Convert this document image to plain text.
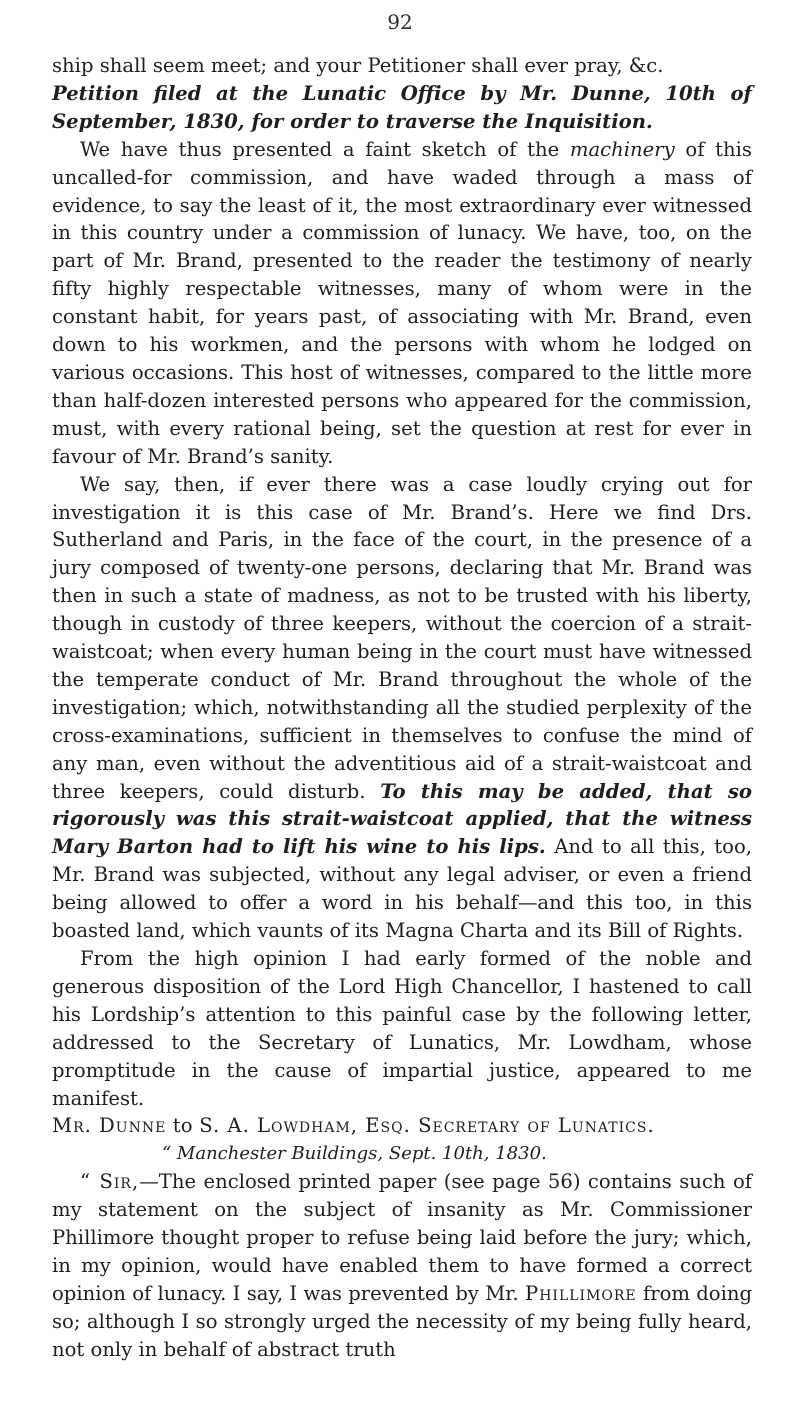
92

ship shall seem meet; and your Petitioner shall ever pray, &c.

Petition filed at the Lunatic Office by Mr. Dunne, 10th of September, 1830, for order to traverse the Inquisition.

We have thus presented a faint sketch of the machinery of this uncalled-for commission, and have waded through a mass of evidence, to say the least of it, the most extraordinary ever witnessed in this country under a commission of lunacy. We have, too, on the part of Mr. Brand, presented to the reader the testimony of nearly fifty highly respectable witnesses, many of whom were in the constant habit, for years past, of associating with Mr. Brand, even down to his workmen, and the persons with whom he lodged on various occasions. This host of witnesses, compared to the little more than half-dozen interested persons who appeared for the commission, must, with every rational being, set the question at rest for ever in favour of Mr. Brand’s sanity.

We say, then, if ever there was a case loudly crying out for investigation it is this case of Mr. Brand’s. Here we find Drs. Sutherland and Paris, in the face of the court, in the presence of a jury composed of twenty-one persons, declaring that Mr. Brand was then in such a state of madness, as not to be trusted with his liberty, though in custody of three keepers, without the coercion of a strait-waistcoat; when every human being in the court must have witnessed the temperate conduct of Mr. Brand throughout the whole of the investigation; which, notwithstanding all the studied perplexity of the cross-examinations, sufficient in themselves to confuse the mind of any man, even without the adventitious aid of a strait-waistcoat and three keepers, could disturb. To this may be added, that so rigorously was this strait-waistcoat applied, that the witness Mary Barton had to lift his wine to his lips. And to all this, too, Mr. Brand was subjected, without any legal adviser, or even a friend being allowed to offer a word in his behalf—and this too, in this boasted land, which vaunts of its Magna Charta and its Bill of Rights.

From the high opinion I had early formed of the noble and generous disposition of the Lord High Chancellor, I hastened to call his Lordship’s attention to this painful case by the following letter, addressed to the Secretary of Lunatics, Mr. Lowdham, whose promptitude in the cause of impartial justice, appeared to me manifest.

Mr. Dunne to S. A. Lowdham, Esq. Secretary of Lunatics.

“ Manchester Buildings, Sept. 10th, 1830.

“ Sir,—The enclosed printed paper (see page 56) contains such of my statement on the subject of insanity as Mr. Commissioner Phillimore thought proper to refuse being laid before the jury; which, in my opinion, would have enabled them to have formed a correct opinion of lunacy. I say, I was prevented by Mr. Phillimore from doing so; although I so strongly urged the necessity of my being fully heard, not only in behalf of abstract truth
